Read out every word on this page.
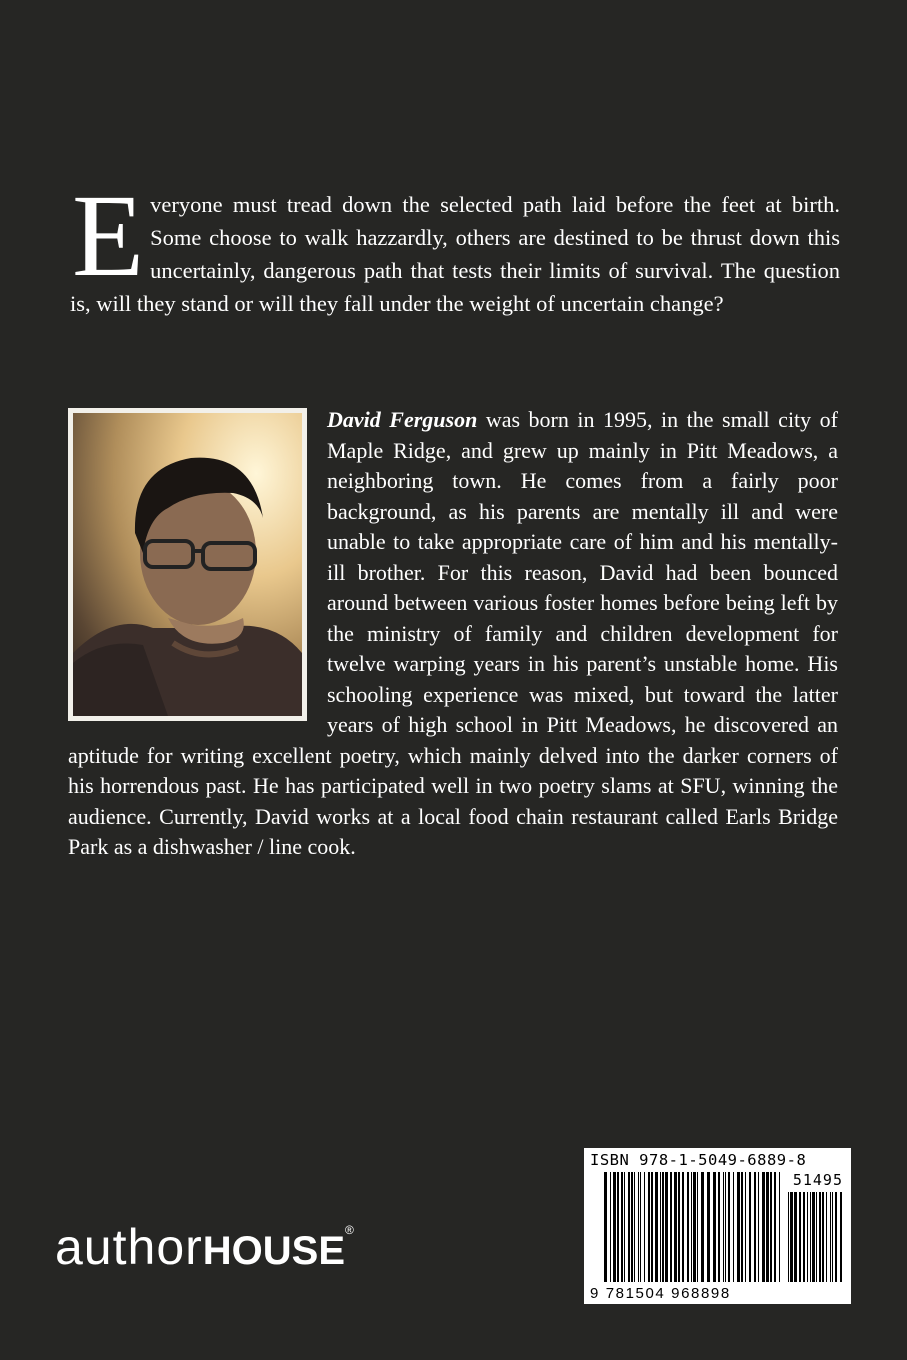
Everyone must tread down the selected path laid before the feet at birth. Some choose to walk hazzardly, others are destined to be thrust down this uncertainly, dangerous path that tests their limits of survival. The question is, will they stand or will they fall under the weight of uncertain change?
David Ferguson was born in 1995, in the small city of Maple Ridge, and grew up mainly in Pitt Meadows, a neighboring town. He comes from a fairly poor background, as his parents are mentally ill and were unable to take appropriate care of him and his mentally-ill brother. For this reason, David had been bounced around between various foster homes before being left by the ministry of family and children development for twelve warping years in his parent’s unstable home. His schooling experience was mixed, but toward the latter years of high school in Pitt Meadows, he discovered an aptitude for writing excellent poetry, which mainly delved into the darker corners of his horrendous past. He has participated well in two poetry slams at SFU, winning the audience. Currently, David works at a local food chain restaurant called Earls Bridge Park as a dishwasher / line cook.
authorHOUSE®
ISBN 978-1-5049-6889-8
51495
9 781504 968898
